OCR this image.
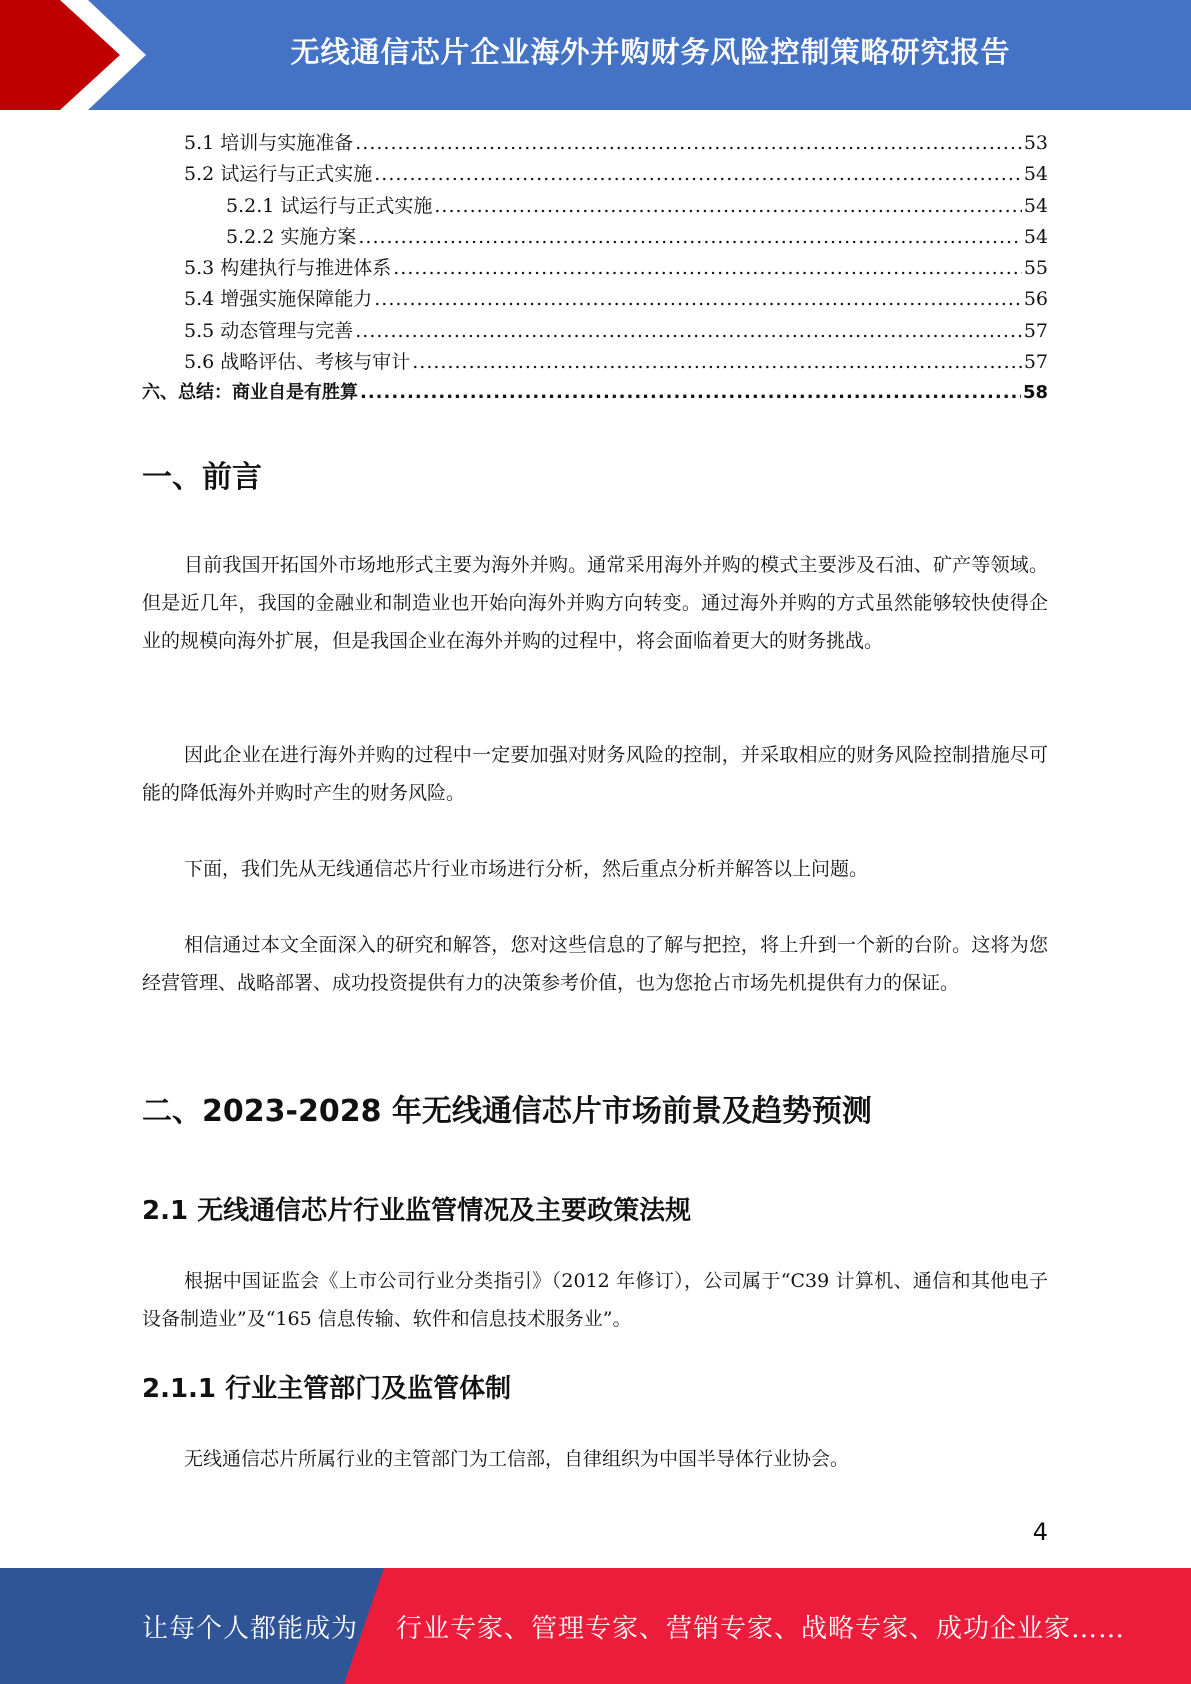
无线通信芯片企业海外并购财务风险控制策略研究报告
5.1 培训与实施准备 .....	53
5.2 试运行与正式实施 .....	54
5.2.1 试运行与正式实施 .....	54
5.2.2 实施方案 .....	54
5.3 构建执行与推进体系 .....	55
5.4 增强实施保障能力 .....	56
5.5 动态管理与完善 .....	57
5.6 战略评估、考核与审计 .....	57
六、总结：商业自是有胜算 .....	58
一、前言

目前我国开拓国外市场地形式主要为海外并购。通常采用海外并购的模式主要涉及石油、矿产等领域。但是近几年，我国的金融业和制造业也开始向海外并购方向转变。通过海外并购的方式虽然能够较快使得企业的规模向海外扩展，但是我国企业在海外并购的过程中，将会面临着更大的财务挑战。

因此企业在进行海外并购的过程中一定要加强对财务风险的控制，并采取相应的财务风险控制措施尽可能的降低海外并购时产生的财务风险。

下面，我们先从无线通信芯片行业市场进行分析，然后重点分析并解答以上问题。

相信通过本文全面深入的研究和解答，您对这些信息的了解与把控，将上升到一个新的台阶。这将为您经营管理、战略部署、成功投资提供有力的决策参考价值，也为您抢占市场先机提供有力的保证。

二、2023-2028 年无线通信芯片市场前景及趋势预测
2.1 无线通信芯片行业监管情况及主要政策法规

根据中国证监会《上市公司行业分类指引》（2012 年修订），公司属于“C39 计算机、通信和其他电子设备制造业”及“165 信息传输、软件和信息技术服务业”。

2.1.1 行业主管部门及监管体制

无线通信芯片所属行业的主管部门为工信部，自律组织为中国半导体行业协会。

4
让每个人都能成为 行业专家、管理专家、营销专家、战略专家、成功企业家……
